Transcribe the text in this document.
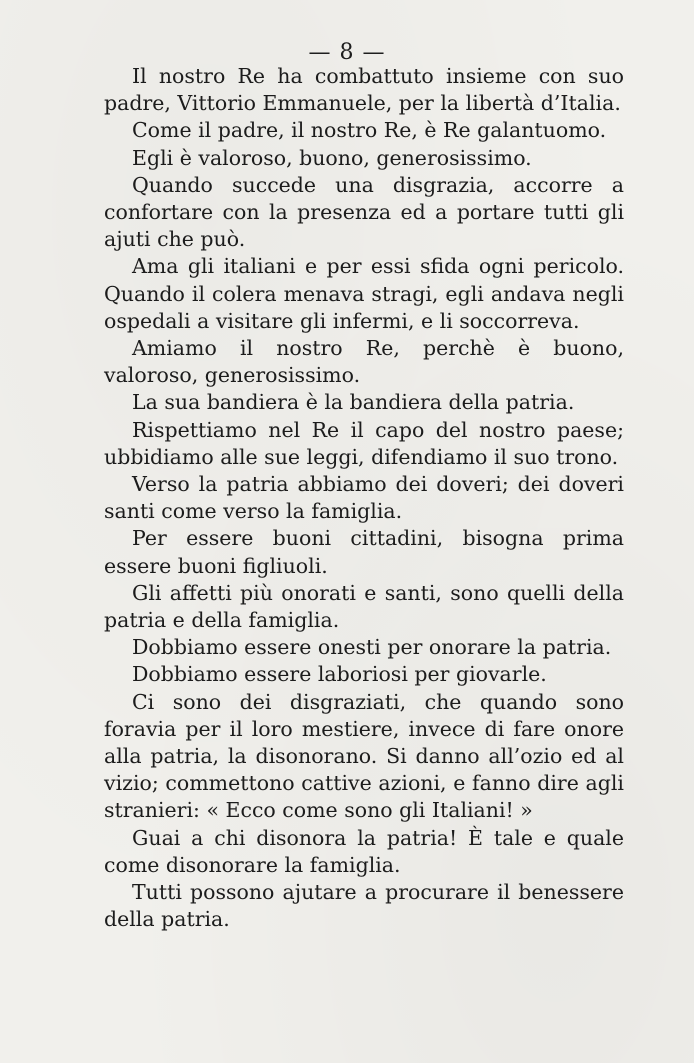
— 8 —

Il nostro Re ha combattuto insieme con suo padre, Vittorio Emmanuele, per la libertà d’Italia.

Come il padre, il nostro Re, è Re galantuomo.

Egli è valoroso, buono, generosissimo.

Quando succede una disgrazia, accorre a confortare con la presenza ed a portare tutti gli ajuti che può.

Ama gli italiani e per essi sfida ogni pericolo. Quando il colera menava stragi, egli andava negli ospedali a visitare gli infermi, e li soccorreva.

Amiamo il nostro Re, perchè è buono, valoroso, generosissimo.

La sua bandiera è la bandiera della patria.

Rispettiamo nel Re il capo del nostro paese; ubbidiamo alle sue leggi, difendiamo il suo trono.

Verso la patria abbiamo dei doveri; dei doveri santi come verso la famiglia.

Per essere buoni cittadini, bisogna prima essere buoni figliuoli.

Gli affetti più onorati e santi, sono quelli della patria e della famiglia.

Dobbiamo essere onesti per onorare la patria.

Dobbiamo essere laboriosi per giovarle.

Ci sono dei disgraziati, che quando sono foravia per il loro mestiere, invece di fare onore alla patria, la disonorano. Si danno all’ozio ed al vizio; commettono cattive azioni, e fanno dire agli stranieri: « Ecco come sono gli Italiani! »

Guai a chi disonora la patria! È tale e quale come disonorare la famiglia.

Tutti possono ajutare a procurare il benessere della patria.
